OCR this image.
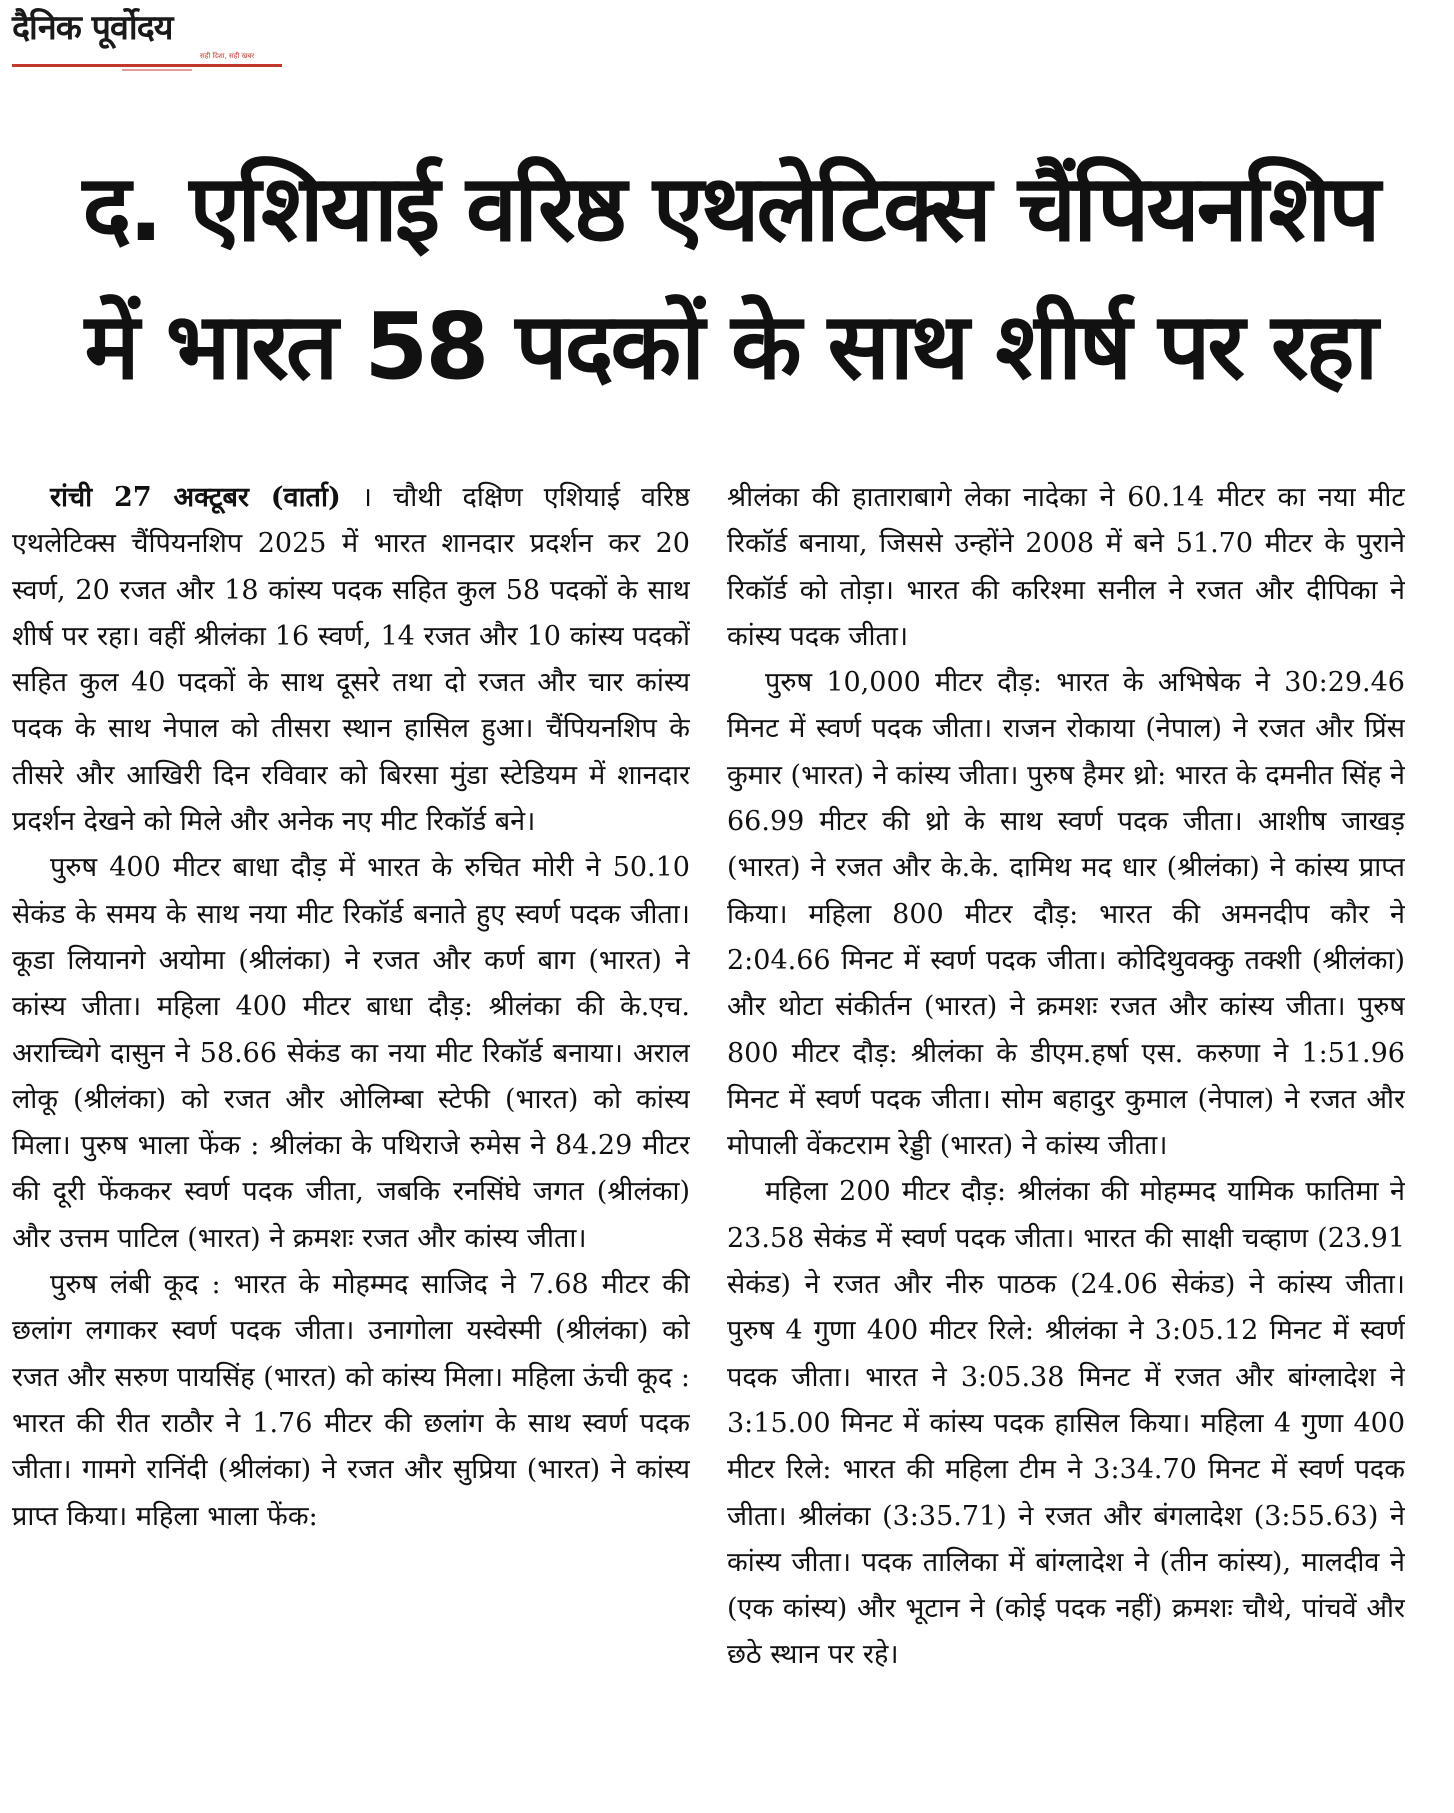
दैनिक पूर्वोदय
सही दिशा, सही खबर
द. एशियाई वरिष्ठ एथलेटिक्स चैंपियनशिप
में भारत 58 पदकों के साथ शीर्ष पर रहा

रांची 27 अक्टूबर (वार्ता) । चौथी दक्षिण एशियाई वरिष्ठ एथलेटिक्स चैंपियनशिप 2025 में भारत शानदार प्रदर्शन कर 20 स्वर्ण, 20 रजत और 18 कांस्य पदक सहित कुल 58 पदकों के साथ शीर्ष पर रहा। वहीं श्रीलंका 16 स्वर्ण, 14 रजत और 10 कांस्य पदकों सहित कुल 40 पदकों के साथ दूसरे तथा दो रजत और चार कांस्य पदक के साथ नेपाल को तीसरा स्थान हासिल हुआ। चैंपियनशिप के तीसरे और आखिरी दिन रविवार को बिरसा मुंडा स्टेडियम में शानदार प्रदर्शन देखने को मिले और अनेक नए मीट रिकॉर्ड बने।

पुरुष 400 मीटर बाधा दौड़ में भारत के रुचित मोरी ने 50.10 सेकंड के समय के साथ नया मीट रिकॉर्ड बनाते हुए स्वर्ण पदक जीता। कूडा लियानगे अयोमा (श्रीलंका) ने रजत और कर्ण बाग (भारत) ने कांस्य जीता। महिला 400 मीटर बाधा दौड़: श्रीलंका की के.एच. अराच्चिगे दासुन ने 58.66 सेकंड का नया मीट रिकॉर्ड बनाया। अराल लोकू (श्रीलंका) को रजत और ओलिम्बा स्टेफी (भारत) को कांस्य मिला। पुरुष भाला फेंक : श्रीलंका के पथिराजे रुमेस ने 84.29 मीटर की दूरी फेंककर स्वर्ण पदक जीता, जबकि रनसिंघे जगत (श्रीलंका) और उत्तम पाटिल (भारत) ने क्रमशः रजत और कांस्य जीता।

पुरुष लंबी कूद : भारत के मोहम्मद साजिद ने 7.68 मीटर की छलांग लगाकर स्वर्ण पदक जीता। उनागोला यस्वेस्मी (श्रीलंका) को रजत और सरुण पायसिंह (भारत) को कांस्य मिला। महिला ऊंची कूद : भारत की रीत राठौर ने 1.76 मीटर की छलांग के साथ स्वर्ण पदक जीता। गामगे रानिंदी (श्रीलंका) ने रजत और सुप्रिया (भारत) ने कांस्य प्राप्त किया। महिला भाला फेंक:

श्रीलंका की हाताराबागे लेका नादेका ने 60.14 मीटर का नया मीट रिकॉर्ड बनाया, जिससे उन्होंने 2008 में बने 51.70 मीटर के पुराने रिकॉर्ड को तोड़ा। भारत की करिश्मा सनील ने रजत और दीपिका ने कांस्य पदक जीता।

पुरुष 10,000 मीटर दौड़: भारत के अभिषेक ने 30:29.46 मिनट में स्वर्ण पदक जीता। राजन रोकाया (नेपाल) ने रजत और प्रिंस कुमार (भारत) ने कांस्य जीता। पुरुष हैमर थ्रो: भारत के दमनीत सिंह ने 66.99 मीटर की थ्रो के साथ स्वर्ण पदक जीता। आशीष जाखड़ (भारत) ने रजत और के.के. दामिथ मद धार (श्रीलंका) ने कांस्य प्राप्त किया। महिला 800 मीटर दौड़: भारत की अमनदीप कौर ने 2:04.66 मिनट में स्वर्ण पदक जीता। कोदिथुवक्कु तक्शी (श्रीलंका) और थोटा संकीर्तन (भारत) ने क्रमशः रजत और कांस्य जीता। पुरुष 800 मीटर दौड़: श्रीलंका के डीएम.हर्षा एस. करुणा ने 1:51.96 मिनट में स्वर्ण पदक जीता। सोम बहादुर कुमाल (नेपाल) ने रजत और मोपाली वेंकटराम रेड्डी (भारत) ने कांस्य जीता।

महिला 200 मीटर दौड़: श्रीलंका की मोहम्मद यामिक फातिमा ने 23.58 सेकंड में स्वर्ण पदक जीता। भारत की साक्षी चव्हाण (23.91 सेकंड) ने रजत और नीरु पाठक (24.06 सेकंड) ने कांस्य जीता। पुरुष 4 गुणा 400 मीटर रिले: श्रीलंका ने 3:05.12 मिनट में स्वर्ण पदक जीता। भारत ने 3:05.38 मिनट में रजत और बांग्लादेश ने 3:15.00 मिनट में कांस्य पदक हासिल किया। महिला 4 गुणा 400 मीटर रिले: भारत की महिला टीम ने 3:34.70 मिनट में स्वर्ण पदक जीता। श्रीलंका (3:35.71) ने रजत और बंगलादेश (3:55.63) ने कांस्य जीता। पदक तालिका में बांग्लादेश ने (तीन कांस्य), मालदीव ने (एक कांस्य) और भूटान ने (कोई पदक नहीं) क्रमशः चौथे, पांचवें और छठे स्थान पर रहे।
